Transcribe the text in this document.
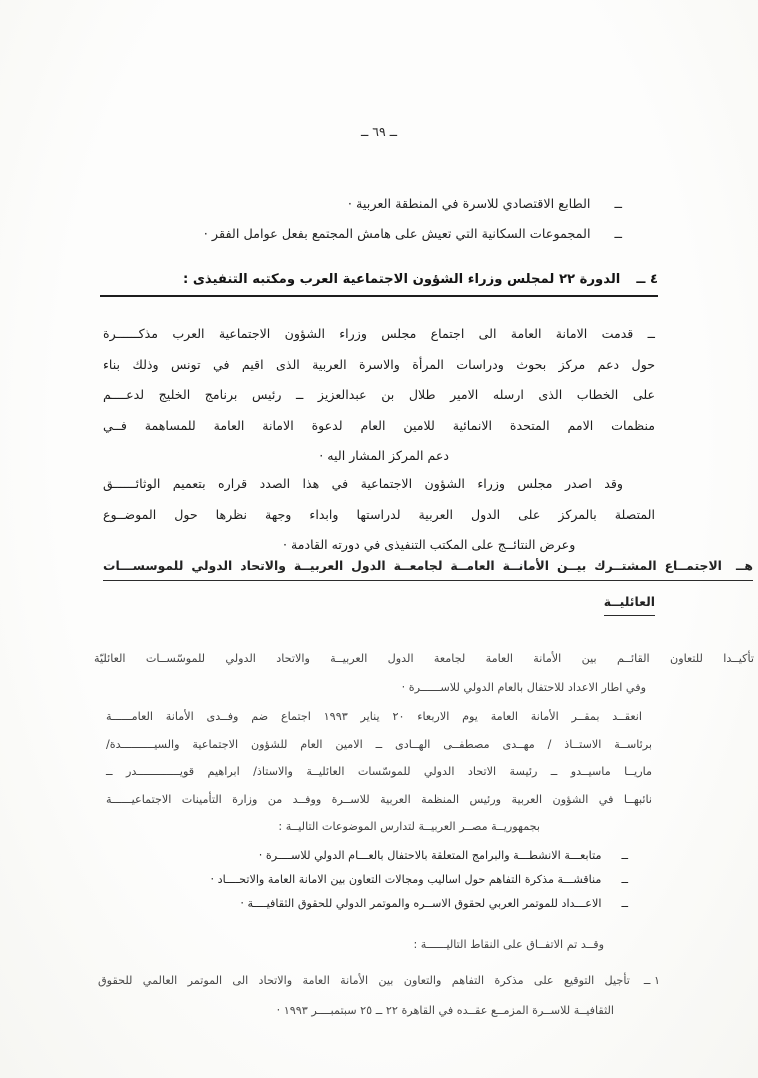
ــ ٦٩ ــ
ــ
الطابع الاقتصادي للاسرة في المنطقة العربية ·
ــ
المجموعات السكانية التي تعيش على هامش المجتمع بفعل عوامل الفقر ·
٤ ــ
الدورة ٢٢ لمجلس وزراء الشؤون الاجتماعية العرب ومكتبه التنفيذى :
ــ قدمت الامانة العامة الى اجتماع مجلس وزراء الشؤون الاجتماعية العرب مذكــــــرة
حول دعم مركز بحوث ودراسات المرأة والاسرة العربية الذى اقيم في تونس وذلك بناء
على الخطاب الذى ارسله الامير طلال بن عبدالعزيز ــ رئيس برنامج الخليج لدعــــم
منظمات الامم المتحدة الانمائية للامين العام لدعوة الامانة العامة للمساهمة فــي
دعم المركز المشار اليه ·
وقد اصدر مجلس وزراء الشؤون الاجتماعية في هذا الصدد قراره بتعميم الوثائــــــق
المتصلة بالمركز على الدول العربية لدراستها وابداء وجهة نظرها حول الموضــوع
وعرض النتائــج على المكتب التنفيذى في دورته القادمة ·
هــ
الاجتمــاع المشتــرك بيــن الأمانــة العامــة لجامعــة الدول العربيــة والاتحاد الدولي للموسســـات
العائليــة
تأكيــدا للتعاون القائــم بين الأمانة العامة لجامعة الدول العربيــة والاتحاد الدولي للموسّســات العائليّة
وفي اطار الاعداد للاحتفال بالعام الدولي للاســــــرة ·
انعقــد بمقــر الأمانة العامة يوم الاربعاء ٢٠ يناير ١٩٩٣ اجتماع ضم وفــدى الأمانة العامــــــة
برئاســة الاستــاذ / مهــدى مصطفــى الهــادى ــ الامين العام للشؤون الاجتماعية والسيــــــــــدة/
ماريــا ماسيــدو ــ رئيسة الاتحاد الدولي للموسّسات العائليــة والاستاذ/ ابراهيم قويـــــــــــــدر ــ
نائبهــا في الشؤون العربية ورئيس المنظمة العربية للاســرة ووفــد من وزارة التأمينات الاجتماعيــــــة
بجمهوريــة مصــر العربيــة لتدارس الموضوعات التاليــة :
ــ
متابعـــة الانشطـــة والبرامج المتعلقة بالاحتفال بالعـــام الدولي للاســــرة ·
ــ
مناقشـــة مذكرة التفاهم حول اساليب ومجالات التعاون بين الامانة العامة والاتحــــاد ·
ــ
الاعـــداد للموتمر العربي لحقوق الاســره والموتمر الدولي للحقوق الثقافيــــة ·
وقــد تم الاتفــاق على النقاط التاليــــــة :
١ ــ
تأجيل التوقيع على مذكرة التفاهم والتعاون بين الأمانة العامة والاتحاد الى الموتمر العالمي للحقوق
الثقافيــة للاســرة المزمــع عقــده في القاهرة ٢٢ ــ ٢٥ سبتمبــــر ١٩٩٣ ·
